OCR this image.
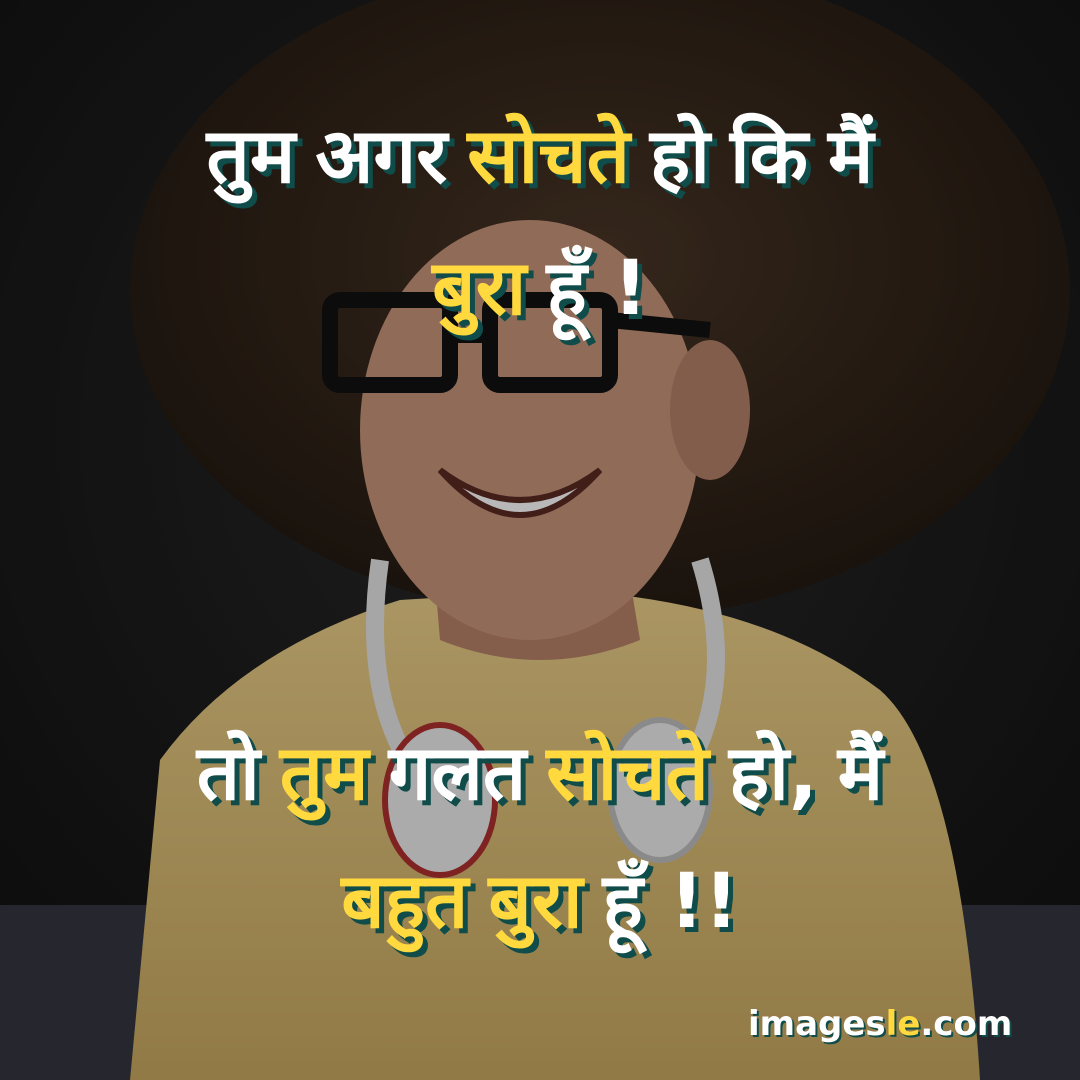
तुम अगर सोचते हो कि मैं
बुरा हूँ !
तो तुम गलत सोचते हो, मैं
बहुत बुरा हूँ !!
imagesle.com
